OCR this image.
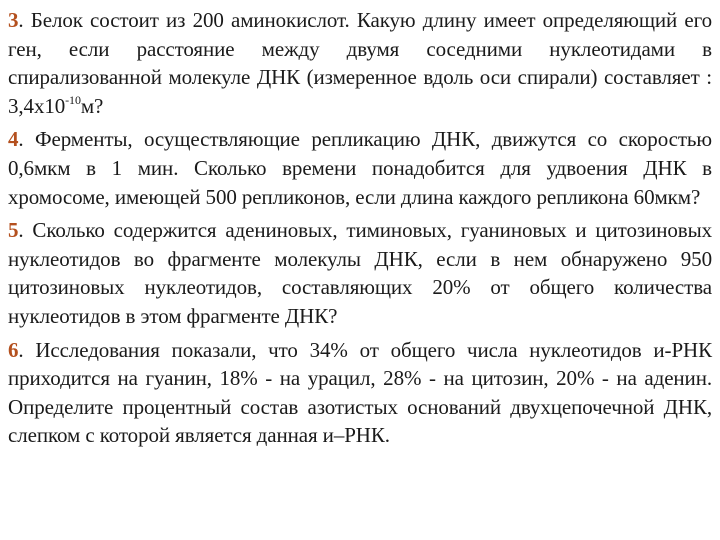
3. Белок состоит из 200 аминокислот. Какую длину имеет определяющий его ген, если расстояние между двумя соседними нуклеотидами в спирализованной молекуле ДНК (измеренное вдоль оси спирали) составляет : $3,4х10^{-10}м$?

4. Ферменты, осуществляющие репликацию ДНК, движутся со скоростью 0,6мкм в 1 мин. Сколько времени понадобится для удвоения ДНК в хромосоме, имеющей 500 репликонов, если длина каждого репликона 60мкм?

5. Сколько содержится адениновых, тиминовых, гуаниновых и цитозиновых нуклеотидов во фрагменте молекулы ДНК, если в нем обнаружено 950 цитозиновых нуклеотидов, составляющих 20% от общего количества нуклеотидов в этом фрагменте ДНК?

6. Исследования показали, что 34% от общего числа нуклеотидов и-РНК приходится на гуанин, 18% - на урацил, 28% - на цитозин, 20% - на аденин. Определите процентный состав азотистых оснований двухцепочечной ДНК, слепком с которой является данная и–РНК.
